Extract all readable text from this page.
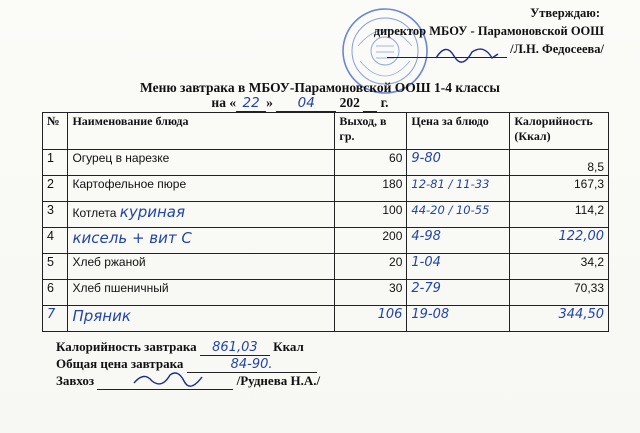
Утверждаю:
директор МБОУ - Парамоновской ООШ
/Л.Н. Федосеева/
Меню завтрака в МБОУ-Парамоновской ООШ 1-4 классы
на « 22 » 04 202 г.
№	Наименование блюда	Выход, в гр.	Цена за блюдо	Калорийность (Ккал)
1	Огурец в нарезке	60	9-80	8,5
2	Картофельное пюре	180	12-81 / 11-33	167,3
3	Котлета куриная	100	44-20 / 10-55	114,2
4	кисель + вит С	200	4-98	122,00
5	Хлеб ржаной	20	1-04	34,2
6	Хлеб пшеничный	30	2-79	70,33
7	Пряник	106	19-08	344,50
Калорийность завтрака 861,03 Ккал
Общая цена завтрака	84-90.
Завхоз	/Руднева Н.А./
